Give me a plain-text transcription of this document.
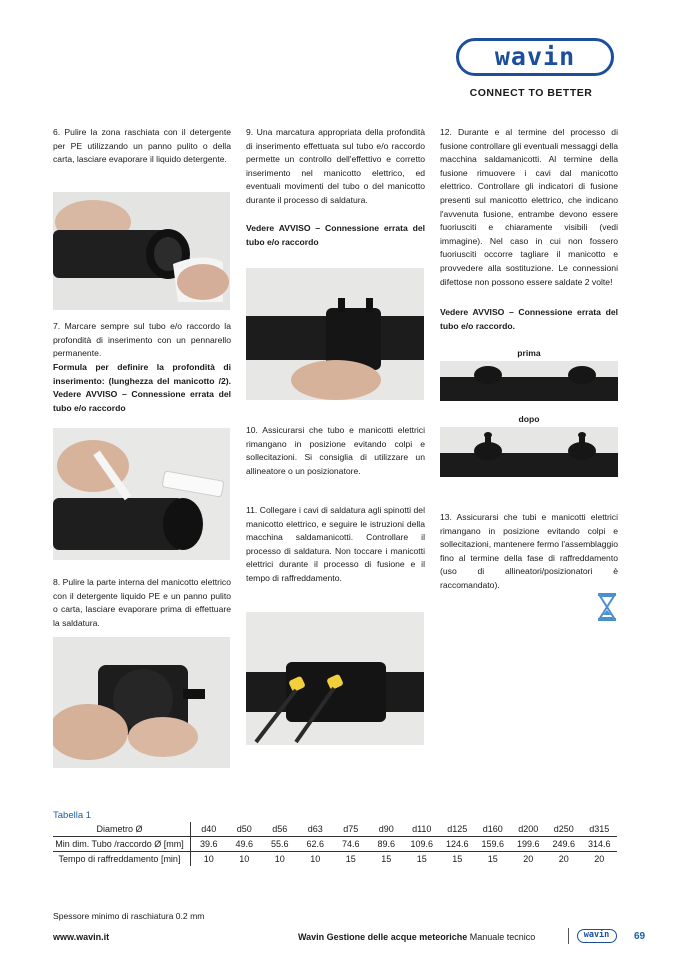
wavin
CONNECT TO BETTER
6. Pulire la zona raschiata con il detergente per PE utilizzando un panno pulito o della carta, lasciare evaporare il liquido detergente.
7. Marcare sempre sul tubo e/o raccordo la profondità di inserimento con un pennarello permanente.
Formula per definire la profondità di inserimento: (lunghezza del manicotto /2). Vedere AVVISO – Connessione errata del tubo e/o raccordo
8. Pulire la parte interna del manicotto elettrico con il detergente liquido PE e un panno pulito o carta, lasciare evaporare prima di effettuare la saldatura.
9. Una marcatura appropriata della profondità di inserimento effettuata sul tubo e/o raccordo permette un controllo dell'effettivo e corretto inserimento nel manicotto elettrico, ed eventuali movimenti del tubo o del manicotto durante il processo di saldatura.
Vedere AVVISO – Connessione errata del tubo e/o raccordo
10. Assicurarsi che tubo e manicotti elettrici rimangano in posizione evitando colpi e sollecitazioni. Si consiglia di utilizzare un allineatore o un posizionatore.
11. Collegare i cavi di saldatura agli spinotti del manicotto elettrico, e seguire le istruzioni della macchina saldamanicotti. Controllare il processo di saldatura. Non toccare i manicotti elettrici durante il processo di fusione e il tempo di raffreddamento.
12. Durante e al termine del processo di fusione controllare gli eventuali messaggi della macchina saldamanicotti. Al termine della fusione rimuovere i cavi dal manicotto elettrico. Controllare gli indicatori di fusione presenti sul manicotto elettrico, che indicano l'avvenuta fusione, entrambe devono essere fuoriusciti e chiaramente visibili (vedi immagine). Nel caso in cui non fossero fuoriusciti occorre tagliare il manicotto e provvedere alla sostituzione. Le connessioni difettose non possono essere saldate 2 volte!
Vedere AVVISO – Connessione errata del tubo e/o raccordo.
prima
dopo
13. Assicurarsi che tubi e manicotti elettrici rimangano in posizione evitando colpi e sollecitazioni, mantenere fermo l'assemblaggio fino al termine della fase di raffreddamento (uso di allineatori/posizionatori è raccomandato).
Tabella 1
Diametro Ø	d40	d50	d56	d63	d75	d90	d110	d125	d160	d200	d250	d315
Min dim. Tubo /raccordo Ø [mm]	39.6	49.6	55.6	62.6	74.6	89.6	109.6	124.6	159.6	199.6	249.6	314.6
Tempo di raffreddamento [min]	10	10	10	10	15	15	15	15	15	20	20	20
Spessore minimo di raschiatura 0.2 mm
www.wavin.it	Wavin Gestione delle acque meteoriche Manuale tecnico	wavin	69
